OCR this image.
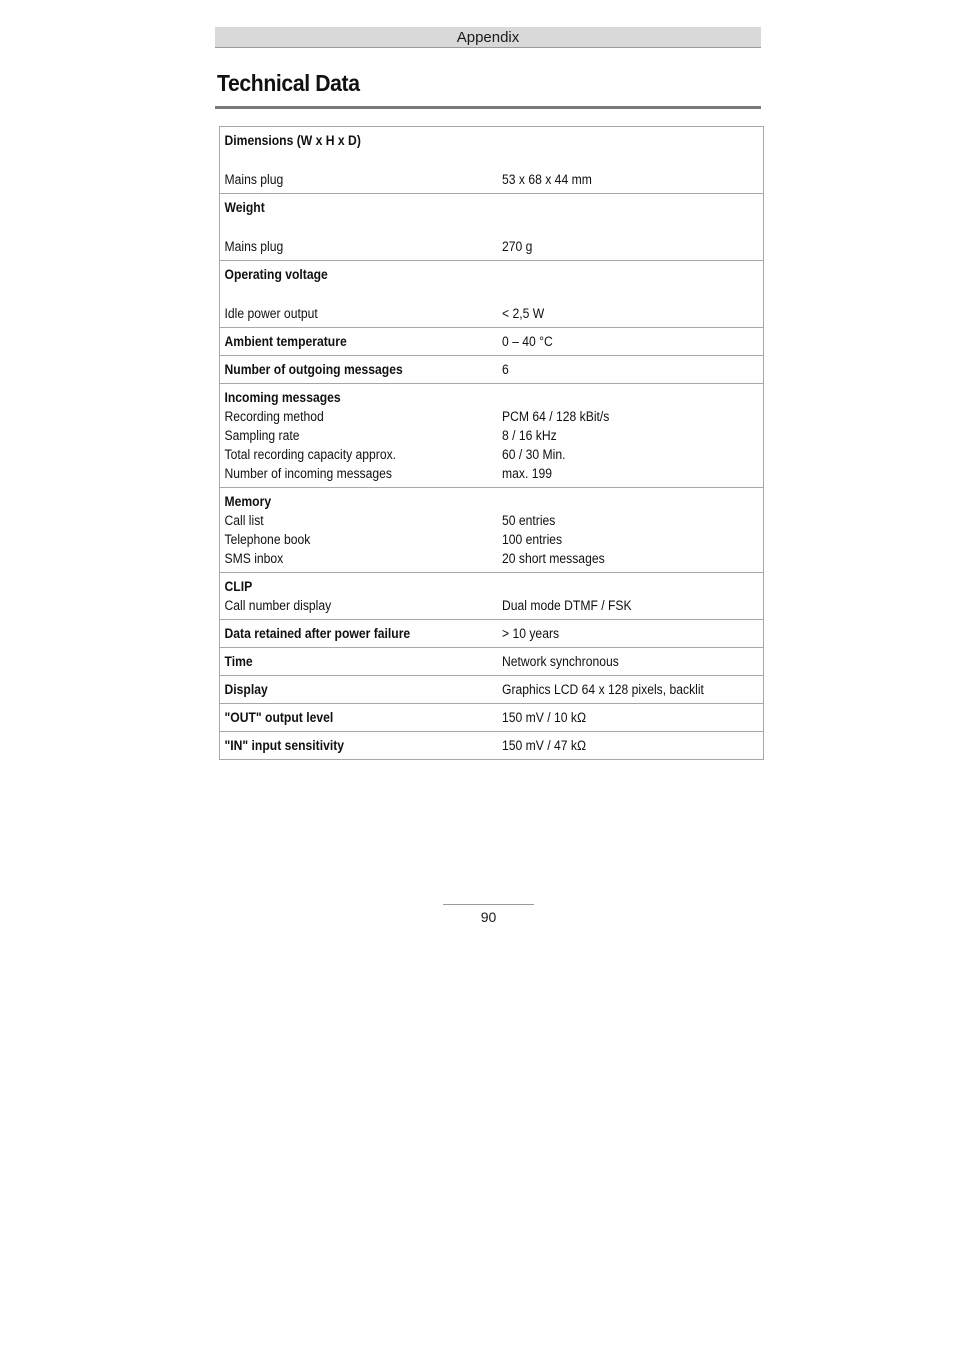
Appendix
Technical Data
Dimensions (W x H x D)
Mains plug	53 x 68 x 44 mm
Weight
Mains plug	270 g
Operating voltage
Idle power output	< 2,5 W
Ambient temperature	0 – 40 °C
Number of outgoing messages	6
Incoming messages
Recording method	PCM 64 / 128 kBit/s
Sampling rate	8 / 16 kHz
Total recording capacity approx.	60 / 30 Min.
Number of incoming messages	max. 199
Memory
Call list	50 entries
Telephone book	100 entries
SMS inbox	20 short messages
CLIP
Call number display	Dual mode DTMF / FSK
Data retained after power failure	> 10 years
Time	Network synchronous
Display	Graphics LCD 64 x 128 pixels, backlit
"OUT" output level	150 mV / 10 kΩ
"IN" input sensitivity	150 mV / 47 kΩ
90
